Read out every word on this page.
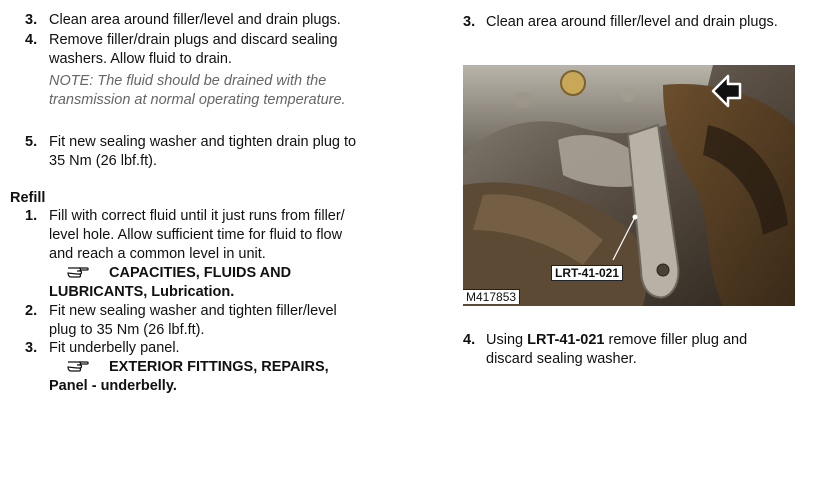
3. Clean area around filler/level and drain plugs.
4. Remove filler/drain plugs and discard sealing
washers. Allow fluid to drain.
NOTE: The fluid should be drained with the
transmission at normal operating temperature.
5. Fit new sealing washer and tighten drain plug to
35 Nm (26 lbf.ft).
Refill
1. Fill with correct fluid until it just runs from filler/
level hole. Allow sufficient time for fluid to flow
and reach a common level in unit.
CAPACITIES, FLUIDS AND
LUBRICANTS, Lubrication.
2. Fit new sealing washer and tighten filler/level
plug to 35 Nm (26 lbf.ft).
3. Fit underbelly panel.
EXTERIOR FITTINGS, REPAIRS,
Panel - underbelly.
3. Clean area around filler/level and drain plugs.
LRT-41-021
M417853
4. Using LRT-41-021 remove filler plug and
discard sealing washer.
